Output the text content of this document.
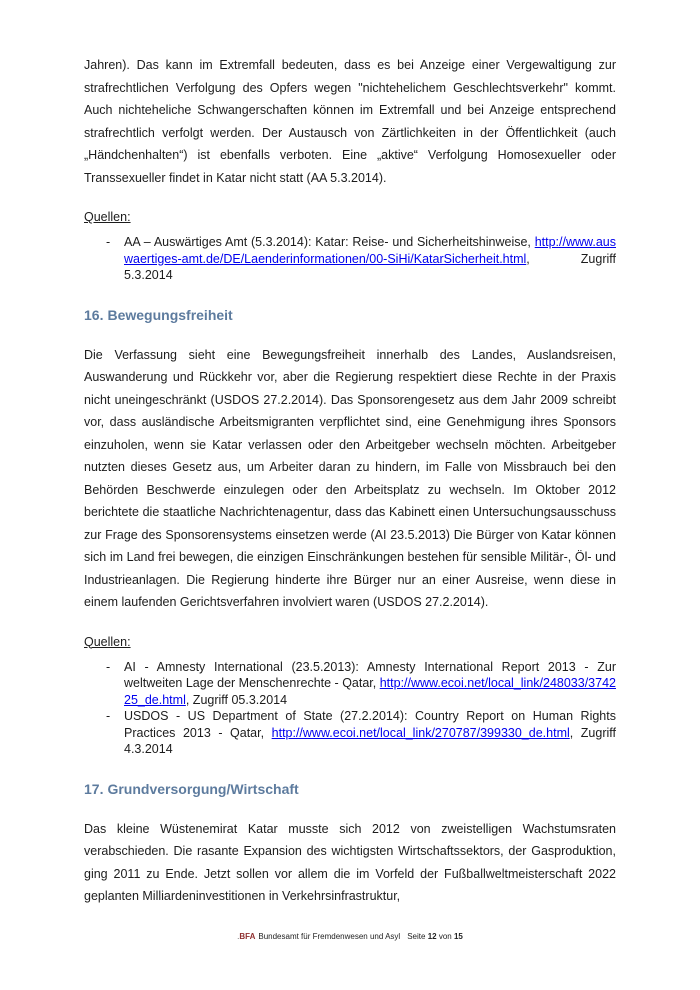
Jahren). Das kann im Extremfall bedeuten, dass es bei Anzeige einer Vergewaltigung zur strafrechtlichen Verfolgung des Opfers wegen "nichtehelichem Geschlechtsverkehr" kommt. Auch nichteheliche Schwangerschaften können im Extremfall und bei Anzeige entsprechend strafrechtlich verfolgt werden. Der Austausch von Zärtlichkeiten in der Öffentlichkeit (auch „Händchenhalten“) ist ebenfalls verboten. Eine „aktive“ Verfolgung Homosexueller oder Transsexueller findet in Katar nicht statt (AA 5.3.2014).

Quellen:
- AA – Auswärtiges Amt (5.3.2014): Katar: Reise- und Sicherheitshinweise, http://www.auswaertiges-amt.de/DE/Laenderinformationen/00-SiHi/KatarSicherheit.html, Zugriff 5.3.2014
16. Bewegungsfreiheit

Die Verfassung sieht eine Bewegungsfreiheit innerhalb des Landes, Auslandsreisen, Auswanderung und Rückkehr vor, aber die Regierung respektiert diese Rechte in der Praxis nicht uneingeschränkt (USDOS 27.2.2014). Das Sponsorengesetz aus dem Jahr 2009 schreibt vor, dass ausländische Arbeitsmigranten verpflichtet sind, eine Genehmigung ihres Sponsors einzuholen, wenn sie Katar verlassen oder den Arbeitgeber wechseln möchten. Arbeitgeber nutzten dieses Gesetz aus, um Arbeiter daran zu hindern, im Falle von Missbrauch bei den Behörden Beschwerde einzulegen oder den Arbeitsplatz zu wechseln. Im Oktober 2012 berichtete die staatliche Nachrichtenagentur, dass das Kabinett einen Untersuchungsausschuss zur Frage des Sponsorensystems einsetzen werde (AI 23.5.2013) Die Bürger von Katar können sich im Land frei bewegen, die einzigen Einschränkungen bestehen für sensible Militär-, Öl- und Industrieanlagen. Die Regierung hinderte ihre Bürger nur an einer Ausreise, wenn diese in einem laufenden Gerichtsverfahren involviert waren (USDOS 27.2.2014).

Quellen:
- AI - Amnesty International (23.5.2013): Amnesty International Report 2013 - Zur weltweiten Lage der Menschenrechte - Qatar, http://www.ecoi.net/local_link/248033/374225_de.html, Zugriff 05.3.2014
- USDOS - US Department of State (27.2.2014): Country Report on Human Rights Practices 2013 - Qatar, http://www.ecoi.net/local_link/270787/399330_de.html, Zugriff 4.3.2014
17. Grundversorgung/Wirtschaft

Das kleine Wüstenemirat Katar musste sich 2012 von zweistelligen Wachstumsraten verabschieden. Die rasante Expansion des wichtigsten Wirtschaftssektors, der Gasproduktion, ging 2011 zu Ende. Jetzt sollen vor allem die im Vorfeld der Fußballweltmeisterschaft 2022 geplanten Milliardeninvestitionen in Verkehrsinfrastruktur,

.BFA Bundesamt für Fremdenwesen und Asyl Seite 12 von 15
